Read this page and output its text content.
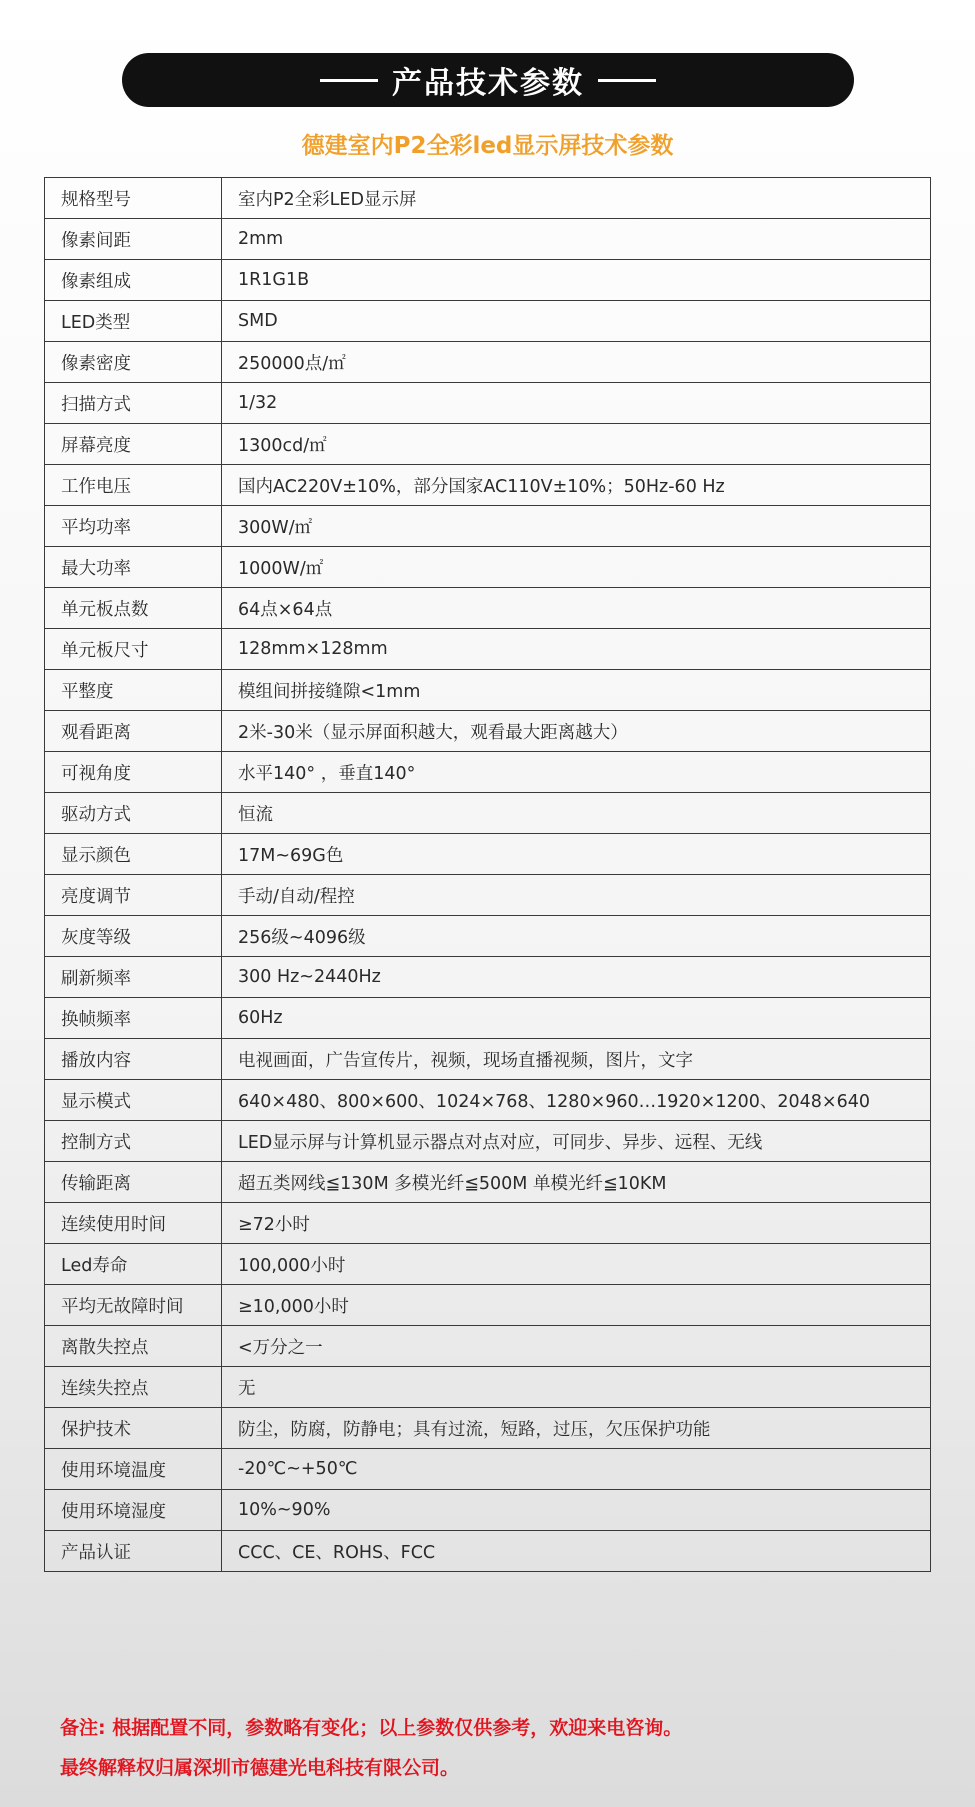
产品技术参数
德建室内P2全彩led显示屏技术参数
规格型号	室内P2全彩LED显示屏
像素间距	2mm
像素组成	1R1G1B
LED类型	SMD
像素密度	250000点/㎡
扫描方式	1/32
屏幕亮度	1300cd/㎡
工作电压	国内AC220V±10%，部分国家AC110V±10%；50Hz-60 Hz
平均功率	300W/㎡
最大功率	1000W/㎡
单元板点数	64点×64点
单元板尺寸	128mm×128mm
平整度	模组间拼接缝隙<1mm
观看距离	2米-30米（显示屏面积越大，观看最大距离越大）
可视角度	水平140° ，垂直140°
驱动方式	恒流
显示颜色	17M~69G色
亮度调节	手动/自动/程控
灰度等级	256级~4096级
刷新频率	300 Hz~2440Hz
换帧频率	60Hz
播放内容	电视画面，广告宣传片，视频，现场直播视频，图片，文字
显示模式	640×480、800×600、1024×768、1280×960…1920×1200、2048×640
控制方式	LED显示屏与计算机显示器点对点对应，可同步、异步、远程、无线
传输距离	超五类网线≦130M 多模光纤≦500M 单模光纤≦10KM
连续使用时间	≥72小时
Led寿命	100,000小时
平均无故障时间	≥10,000小时
离散失控点	<万分之一
连续失控点	无
保护技术	防尘，防腐，防静电；具有过流，短路，过压，欠压保护功能
使用环境温度	-20℃~+50℃
使用环境湿度	10%~90%
产品认证	CCC、CE、ROHS、FCC
备注: 根据配置不同，参数略有变化；以上参数仅供参考，欢迎来电咨询。
最终解释权归属深圳市德建光电科技有限公司。
